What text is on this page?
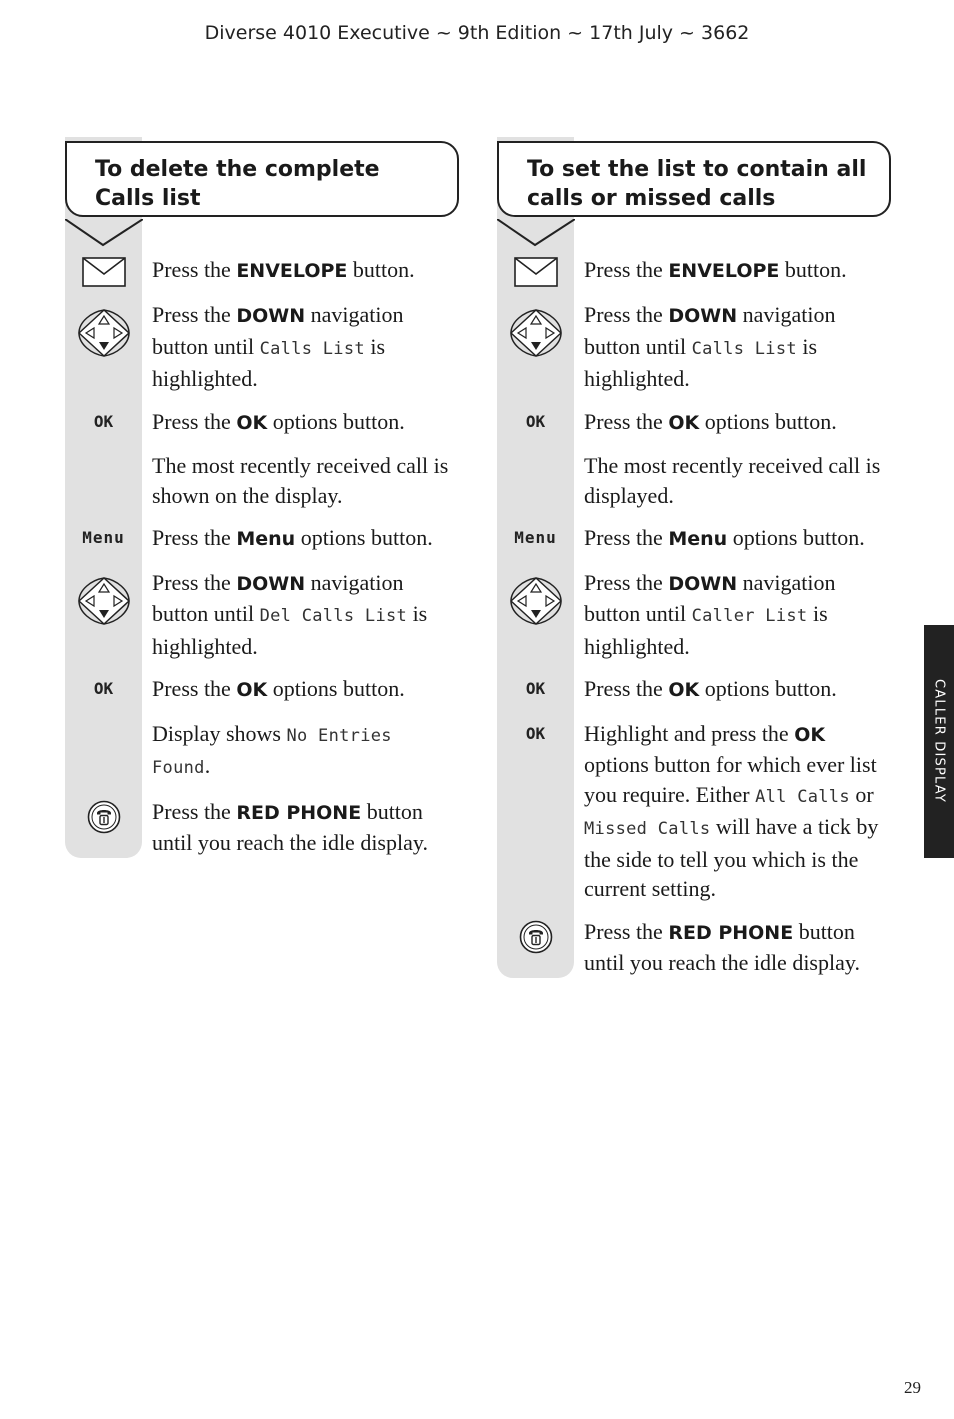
Diverse 4010 Executive ~ 9th Edition ~ 17th July ~ 3662
To delete the complete
Calls list
Press the ENVELOPE button.
Press the DOWN navigation button until Calls List is highlighted.
OK	Press the OK options button.
The most recently received call is shown on the display.
Menu	Press the Menu options button.
Press the DOWN navigation button until Del Calls List is highlighted.
OK	Press the OK options button.
Display shows No Entries Found.
Press the RED PHONE button until you reach the idle display.
To set the list to contain all
calls or missed calls
Press the ENVELOPE button.
Press the DOWN navigation button until Calls List is highlighted.
OK	Press the OK options button.
The most recently received call is displayed.
Menu	Press the Menu options button.
Press the DOWN navigation button until Caller List is highlighted.
OK	Press the OK options button.
OK	Highlight and press the OK options button for which ever list you require. Either All Calls or Missed Calls will have a tick by the side to tell you which is the current setting.
Press the RED PHONE button until you reach the idle display.
CALLER DISPLAY
29
